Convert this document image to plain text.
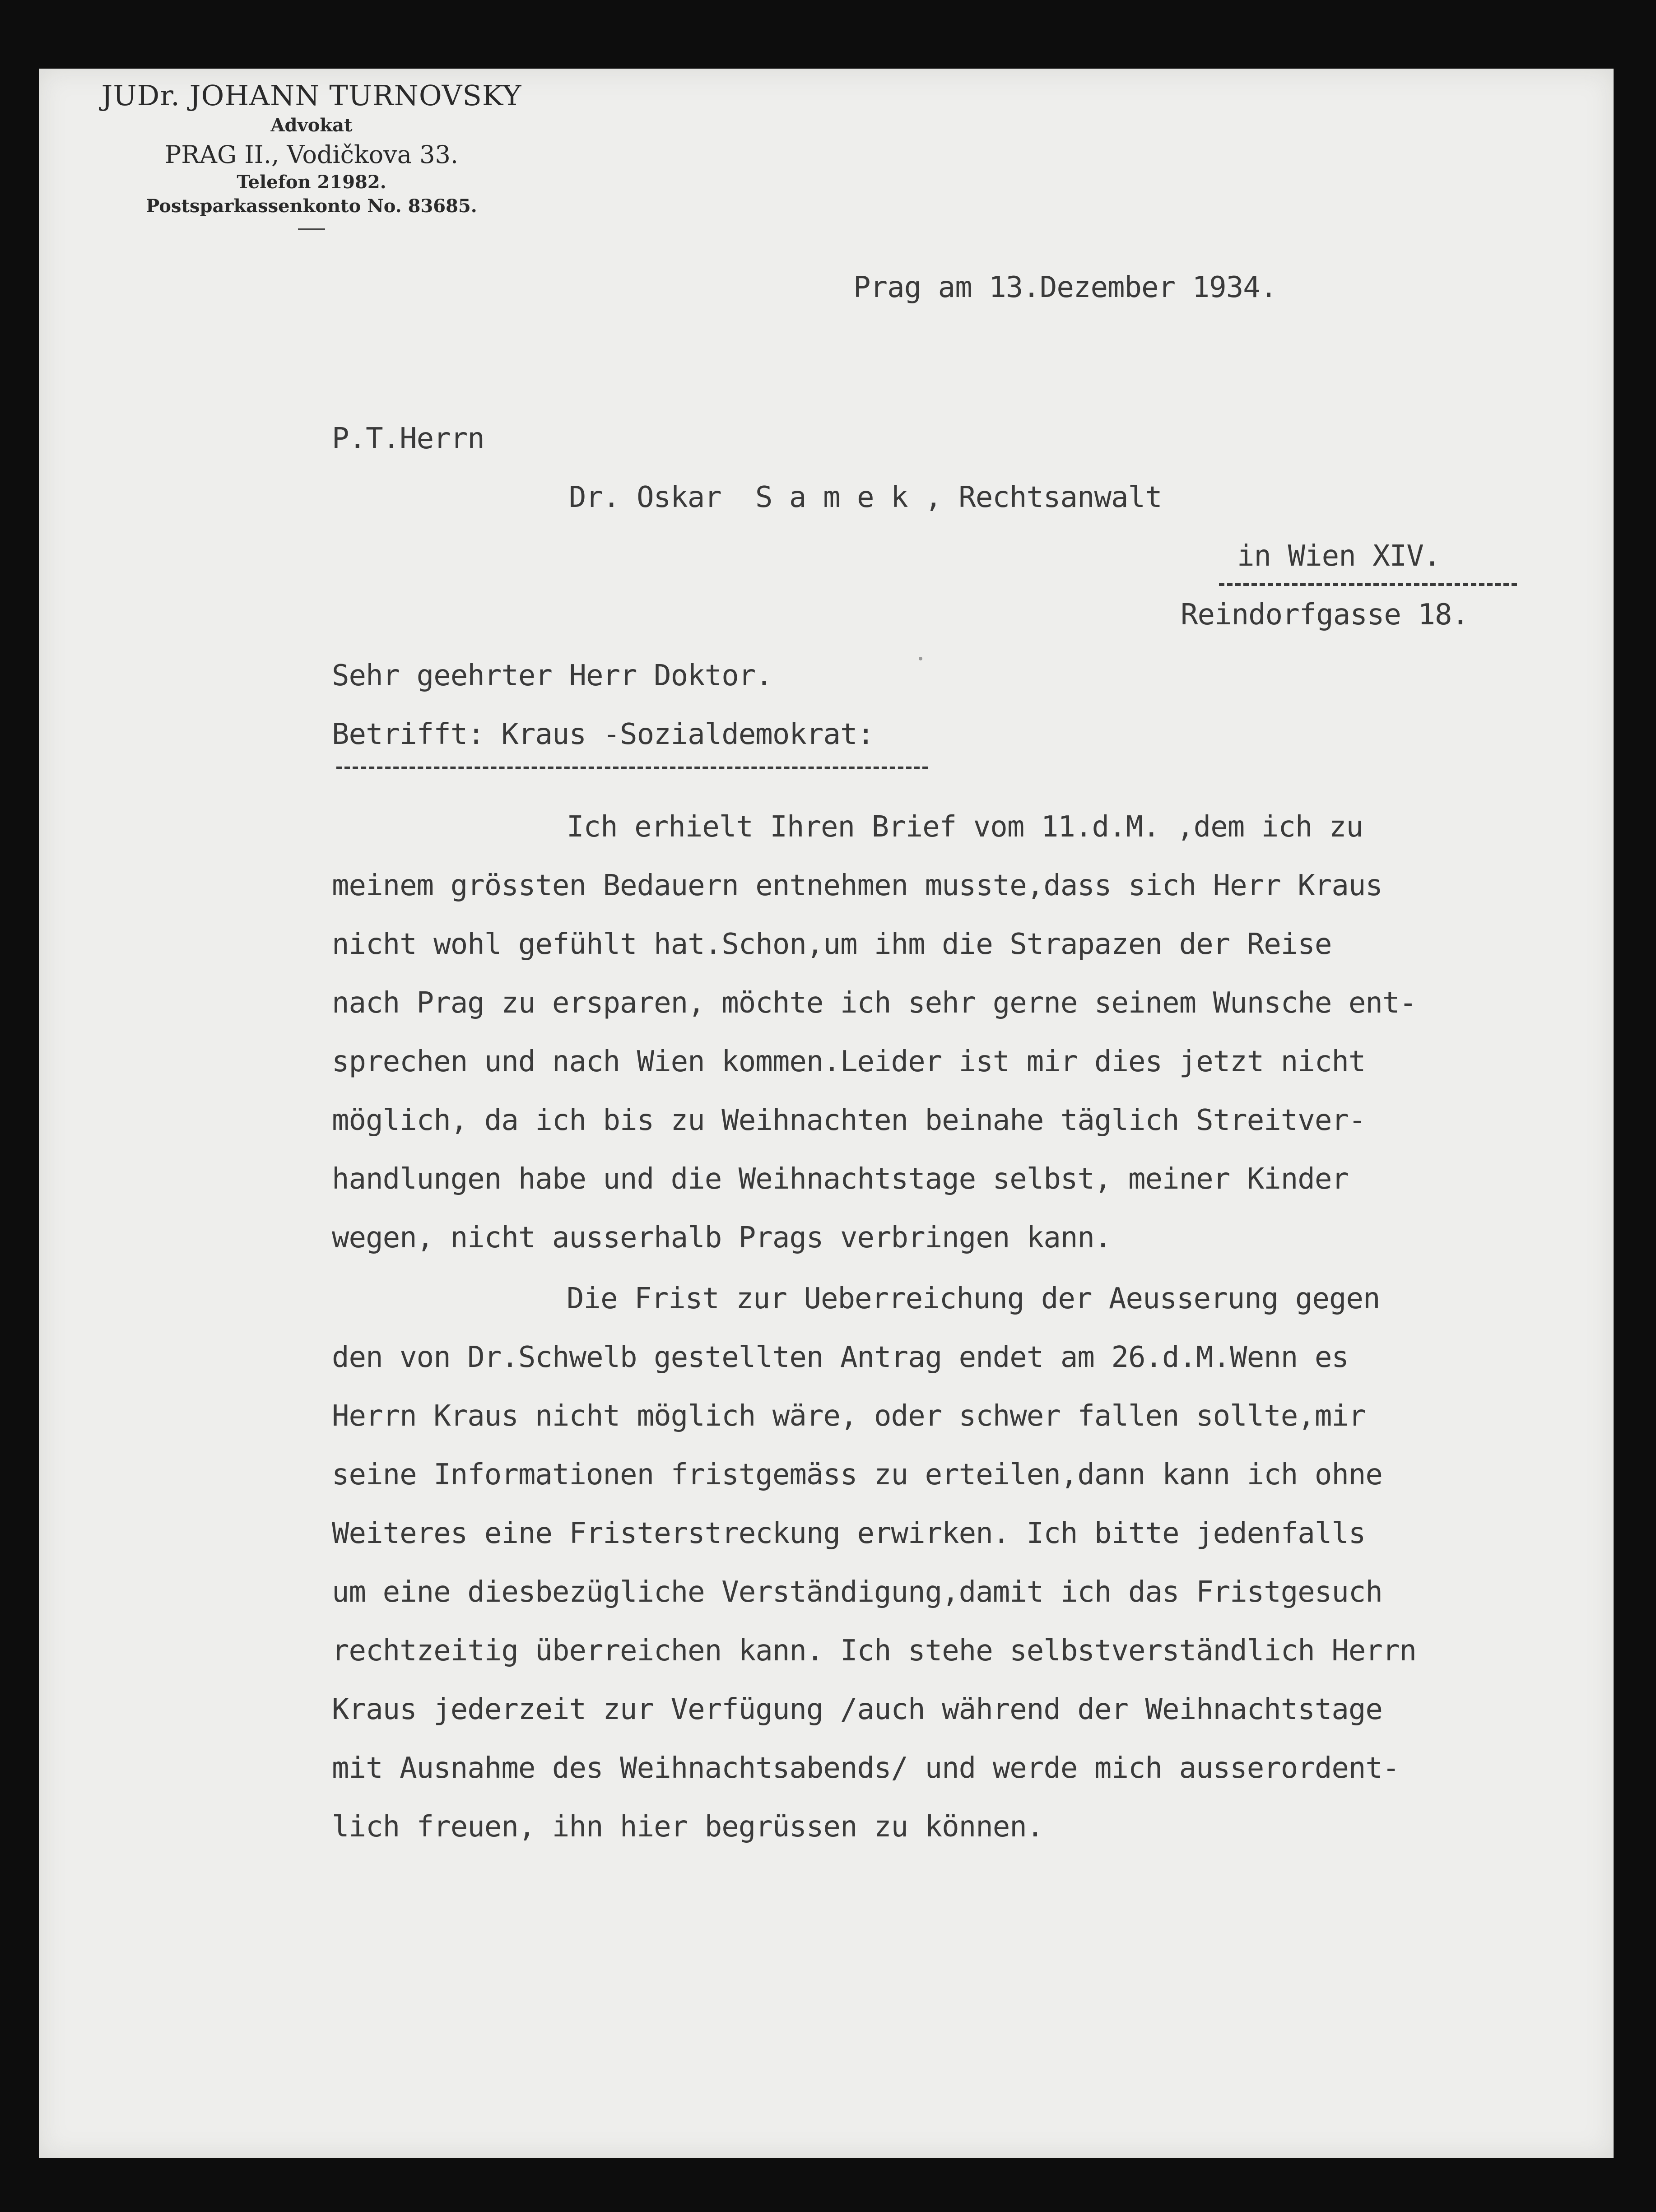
JUDr. JOHANN TURNOVSKY
Advokat
PRAG II., Vodičkova 33.
Telefon 21982.
Postsparkassenkonto No. 83685.
Prag am 13.Dezember 1934.
P.T.Herrn
Dr. Oskar  S a m e k , Rechtsanwalt
in Wien XIV.
Reindorfgasse 18.
Sehr geehrter Herr Doktor.
Betrifft: Kraus -Sozialdemokrat:
Ich erhielt Ihren Brief vom 11.d.M. ,dem ich zu
meinem grössten Bedauern entnehmen musste,dass sich Herr Kraus
nicht wohl gefühlt hat.Schon,um ihm die Strapazen der Reise
nach Prag zu ersparen, möchte ich sehr gerne seinem Wunsche ent-
sprechen und nach Wien kommen.Leider ist mir dies jetzt nicht
möglich, da ich bis zu Weihnachten beinahe täglich Streitver-
handlungen habe und die Weihnachtstage selbst, meiner Kinder
wegen, nicht ausserhalb Prags verbringen kann.
Die Frist zur Ueberreichung der Aeusserung gegen
den von Dr.Schwelb gestellten Antrag endet am 26.d.M.Wenn es
Herrn Kraus nicht möglich wäre, oder schwer fallen sollte,mir
seine Informationen fristgemäss zu erteilen,dann kann ich ohne
Weiteres eine Fristerstreckung erwirken. Ich bitte jedenfalls
um eine diesbezügliche Verständigung,damit ich das Fristgesuch
rechtzeitig überreichen kann. Ich stehe selbstverständlich Herrn
Kraus jederzeit zur Verfügung /auch während der Weihnachtstage
mit Ausnahme des Weihnachtsabends/ und werde mich ausserordent-
lich freuen, ihn hier begrüssen zu können.
